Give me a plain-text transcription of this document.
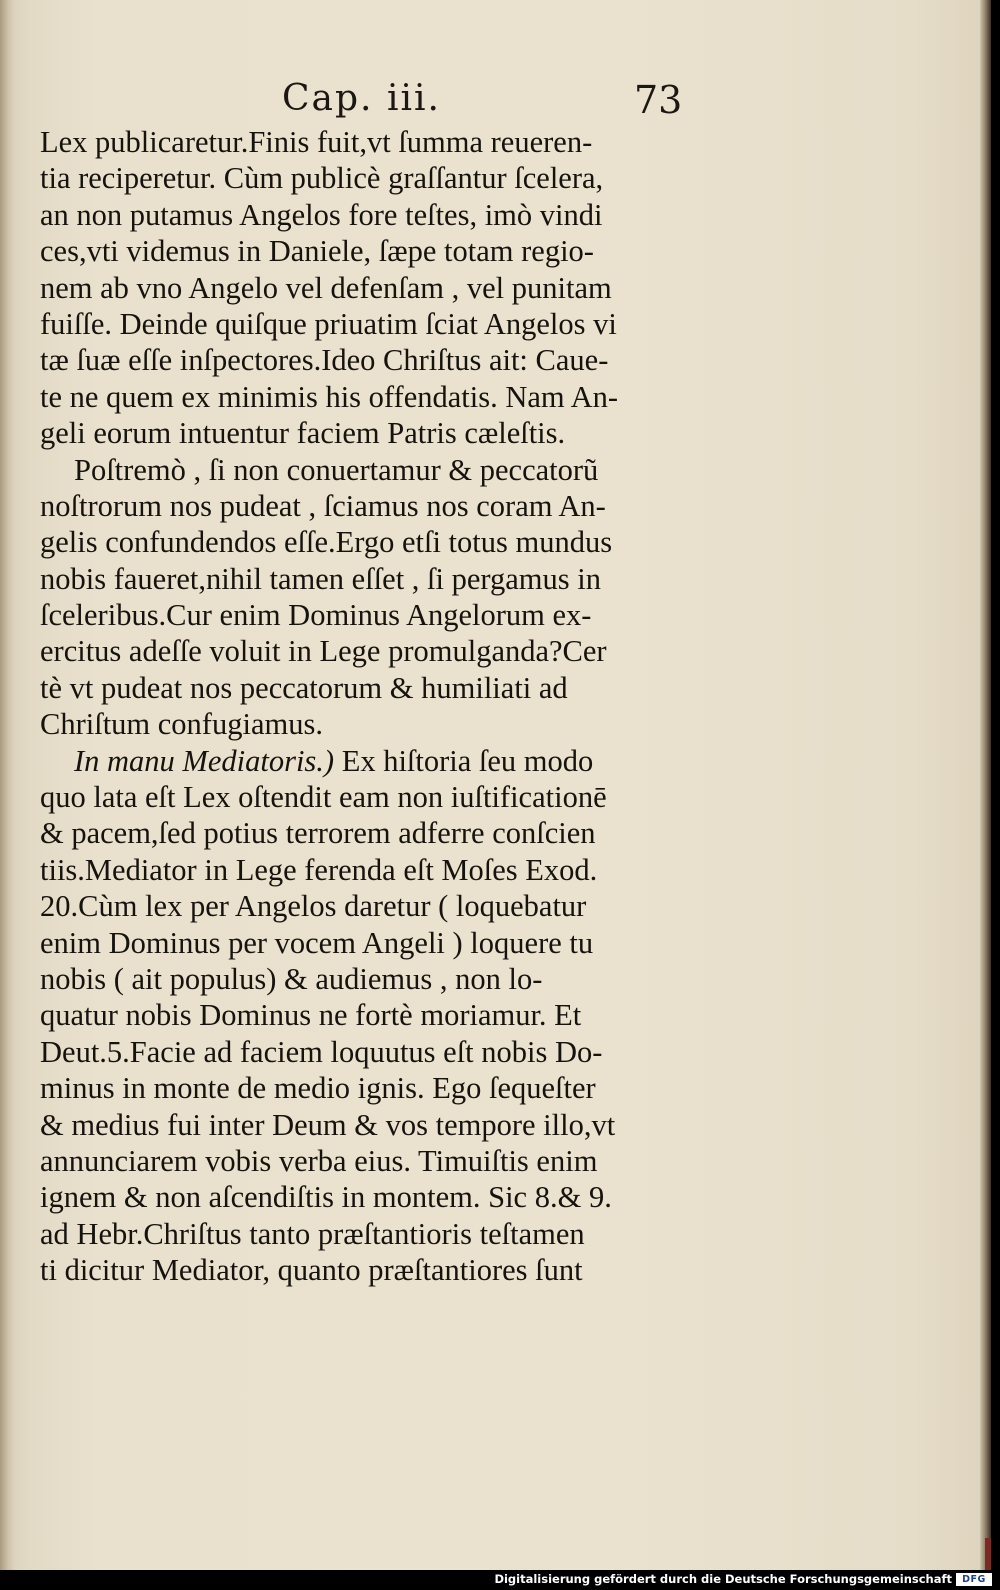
Cap. iii.	73
Lex publicaretur.Finis fuit,vt ſumma reueren-
tia reciperetur. Cùm publicè graſſantur ſcelera,
an non putamus Angelos fore teſtes, imò vindi
ces,vti videmus in Daniele, ſæpe totam regio-
nem ab vno Angelo vel defenſam , vel punitam
fuiſſe. Deinde quiſque priuatim ſciat Angelos vi
tæ ſuæ eſſe inſpectores.Ideo Chriſtus ait: Caue-
te ne quem ex minimis his offendatis. Nam An-
geli eorum intuentur faciem Patris cæleſtis.
Poſtremò , ſi non conuertamur & peccatorũ
noſtrorum nos pudeat , ſciamus nos coram An-
gelis confundendos eſſe.Ergo etſi totus mundus
nobis faueret,nihil tamen eſſet , ſi pergamus in
ſceleribus.Cur enim Dominus Angelorum ex-
ercitus adeſſe voluit in Lege promulganda?Cer
tè vt pudeat nos peccatorum & humiliati ad
Chriſtum confugiamus.
In manu Mediatoris.) Ex hiſtoria ſeu modo
quo lata eſt Lex oſtendit eam non iuſtificationē
& pacem,ſed potius terrorem adferre conſcien
tiis.Mediator in Lege ferenda eſt Moſes Exod.
20.Cùm lex per Angelos daretur ( loquebatur
enim Dominus per vocem Angeli ) loquere tu
nobis ( ait populus) & audiemus , non lo-
quatur nobis Dominus ne fortè moriamur. Et
Deut.5.Facie ad faciem loquutus eſt nobis Do-
minus in monte de medio ignis. Ego ſequeſter
& medius fui inter Deum & vos tempore illo,vt
annunciarem vobis verba eius. Timuiſtis enim
ignem & non aſcendiſtis in montem. Sic 8.& 9.
ad Hebr.Chriſtus tanto præſtantioris teſtamen
ti dicitur Mediator, quanto præſtantiores ſunt
Digitalisierung gefördert durch die Deutsche Forschungsgemeinschaft	DFG
